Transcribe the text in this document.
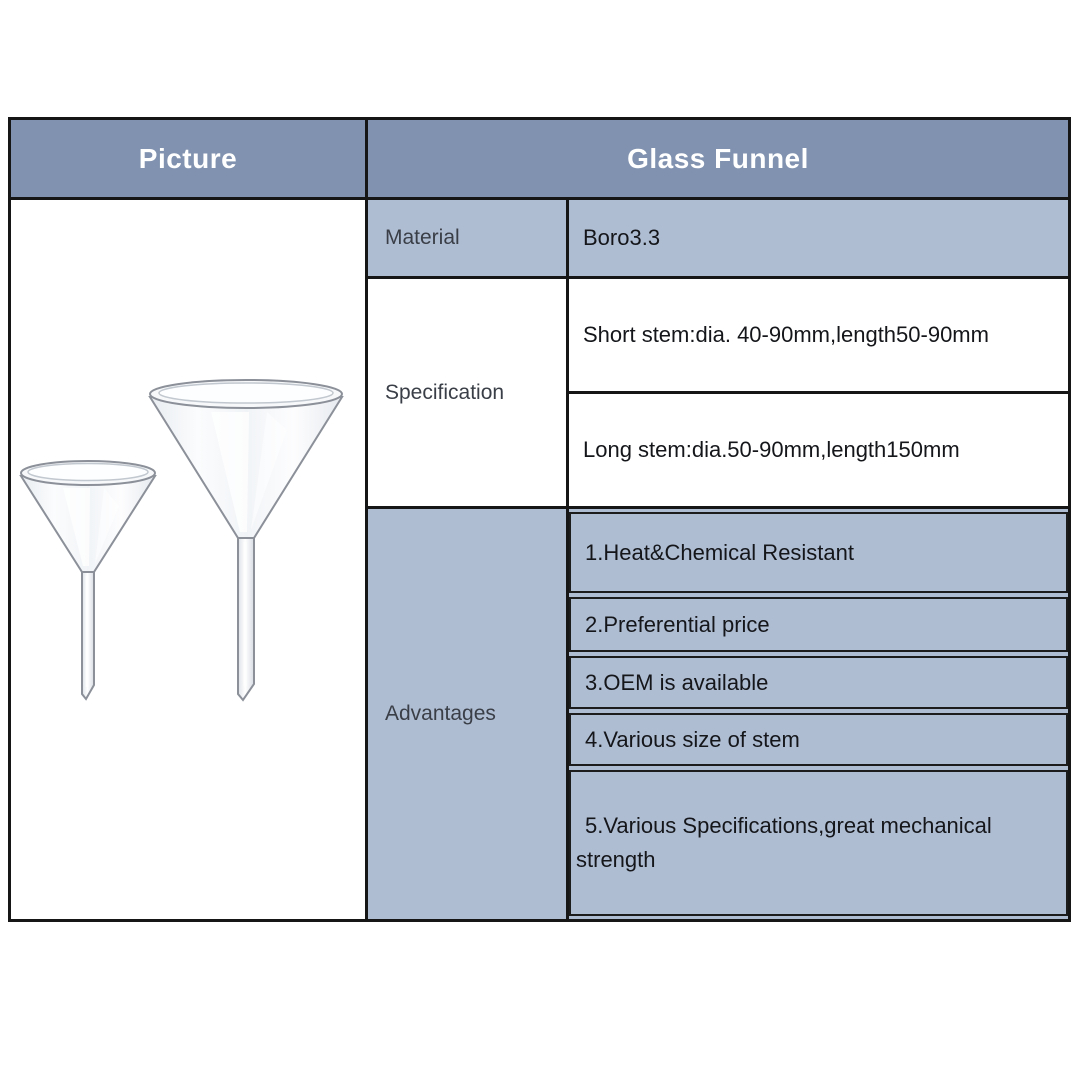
Picture	Glass Funnel
Material	Boro3.3
Specification
Short stem:dia. 40-90mm,length50-90mm
Long stem:dia.50-90mm,length150mm
Advantages
1.Heat&Chemical Resistant
2.Preferential price
3.OEM is available
4.Various size of stem
5.Various Specifications,great mechanical strength
